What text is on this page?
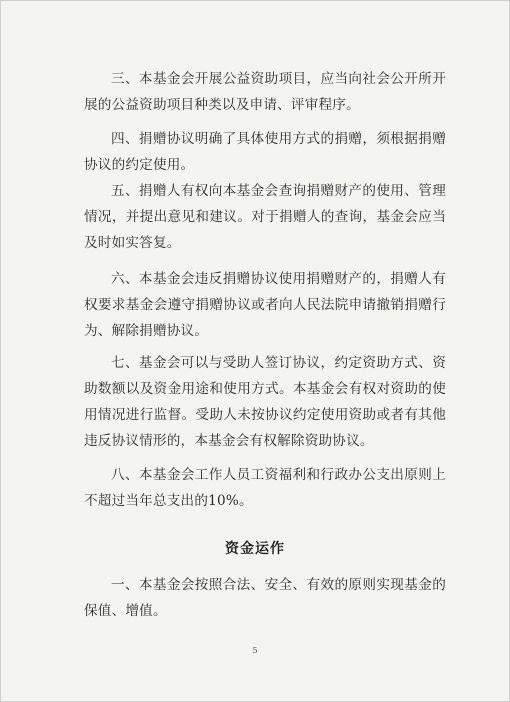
三、本基金会开展公益资助项目，应当向社会公开所开展的公益资助项目种类以及申请、评审程序。

四、捐赠协议明确了具体使用方式的捐赠，须根据捐赠协议的约定使用。

五、捐赠人有权向本基金会查询捐赠财产的使用、管理情况，并提出意见和建议。对于捐赠人的查询，基金会应当及时如实答复。

六、本基金会违反捐赠协议使用捐赠财产的，捐赠人有权要求基金会遵守捐赠协议或者向人民法院申请撤销捐赠行为、解除捐赠协议。

七、基金会可以与受助人签订协议，约定资助方式、资助数额以及资金用途和使用方式。本基金会有权对资助的使用情况进行监督。受助人未按协议约定使用资助或者有其他违反协议情形的，本基金会有权解除资助协议。

八、本基金会工作人员工资福利和行政办公支出原则上不超过当年总支出的10%。

资金运作

一、本基金会按照合法、安全、有效的原则实现基金的保值、增值。

5
